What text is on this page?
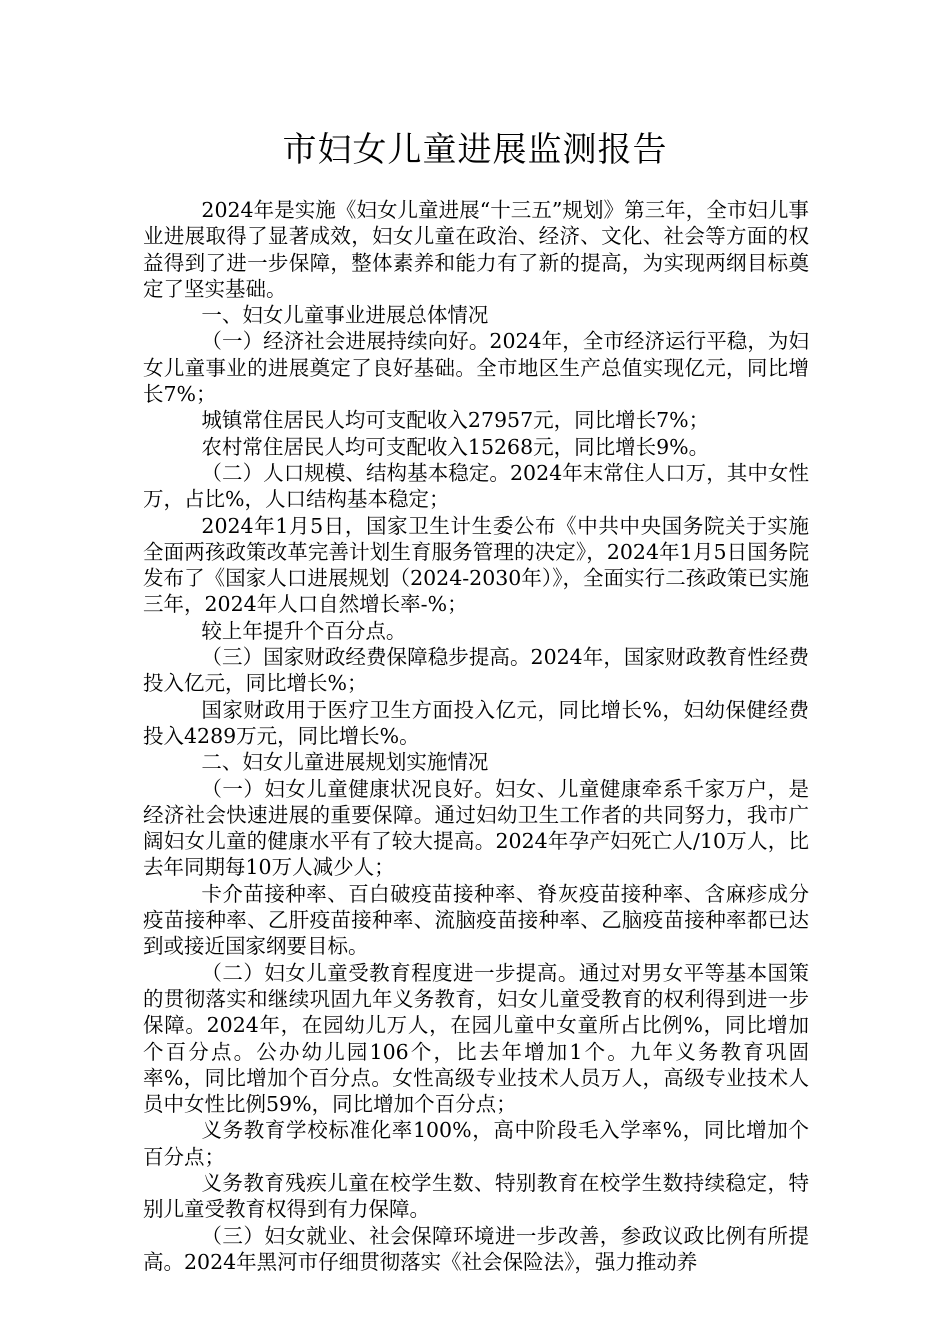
市妇女儿童进展监测报告

2024年是实施《妇女儿童进展“十三五”规划》第三年，全市妇儿事业进展取得了显著成效，妇女儿童在政治、经济、文化、社会等方面的权益得到了进一步保障，整体素养和能力有了新的提高，为实现两纲目标奠定了坚实基础。

一、妇女儿童事业进展总体情况

（一）经济社会进展持续向好。2024年，全市经济运行平稳，为妇女儿童事业的进展奠定了良好基础。全市地区生产总值实现亿元，同比增长7%；

城镇常住居民人均可支配收入27957元，同比增长7%；

农村常住居民人均可支配收入15268元，同比增长9%。

（二）人口规模、结构基本稳定。2024年末常住人口万，其中女性万，占比%，人口结构基本稳定；

2024年1月5日，国家卫生计生委公布《中共中央国务院关于实施全面两孩政策改革完善计划生育服务管理的决定》，2024年1月5日国务院发布了《国家人口进展规划（2024-2030年）》，全面实行二孩政策已实施三年，2024年人口自然增长率-%；

较上年提升个百分点。

（三）国家财政经费保障稳步提高。2024年，国家财政教育性经费投入亿元，同比增长%；

国家财政用于医疗卫生方面投入亿元，同比增长%，妇幼保健经费投入4289万元，同比增长%。

二、妇女儿童进展规划实施情况

（一）妇女儿童健康状况良好。妇女、儿童健康牵系千家万户，是经济社会快速进展的重要保障。通过妇幼卫生工作者的共同努力，我市广阔妇女儿童的健康水平有了较大提高。2024年孕产妇死亡人/10万人，比去年同期每10万人减少人；

卡介苗接种率、百白破疫苗接种率、脊灰疫苗接种率、含麻疹成分疫苗接种率、乙肝疫苗接种率、流脑疫苗接种率、乙脑疫苗接种率都已达到或接近国家纲要目标。

（二）妇女儿童受教育程度进一步提高。通过对男女平等基本国策的贯彻落实和继续巩固九年义务教育，妇女儿童受教育的权利得到进一步保障。2024年，在园幼儿万人，在园儿童中女童所占比例%，同比增加个百分点。公办幼儿园106个，比去年增加1个。九年义务教育巩固率%，同比增加个百分点。女性高级专业技术人员万人，高级专业技术人员中女性比例59%，同比增加个百分点；

义务教育学校标准化率100%，高中阶段毛入学率%，同比增加个百分点；

义务教育残疾儿童在校学生数、特别教育在校学生数持续稳定，特别儿童受教育权得到有力保障。

（三）妇女就业、社会保障环境进一步改善，参政议政比例有所提高。2024年黑河市仔细贯彻落实《社会保险法》，强力推动养
